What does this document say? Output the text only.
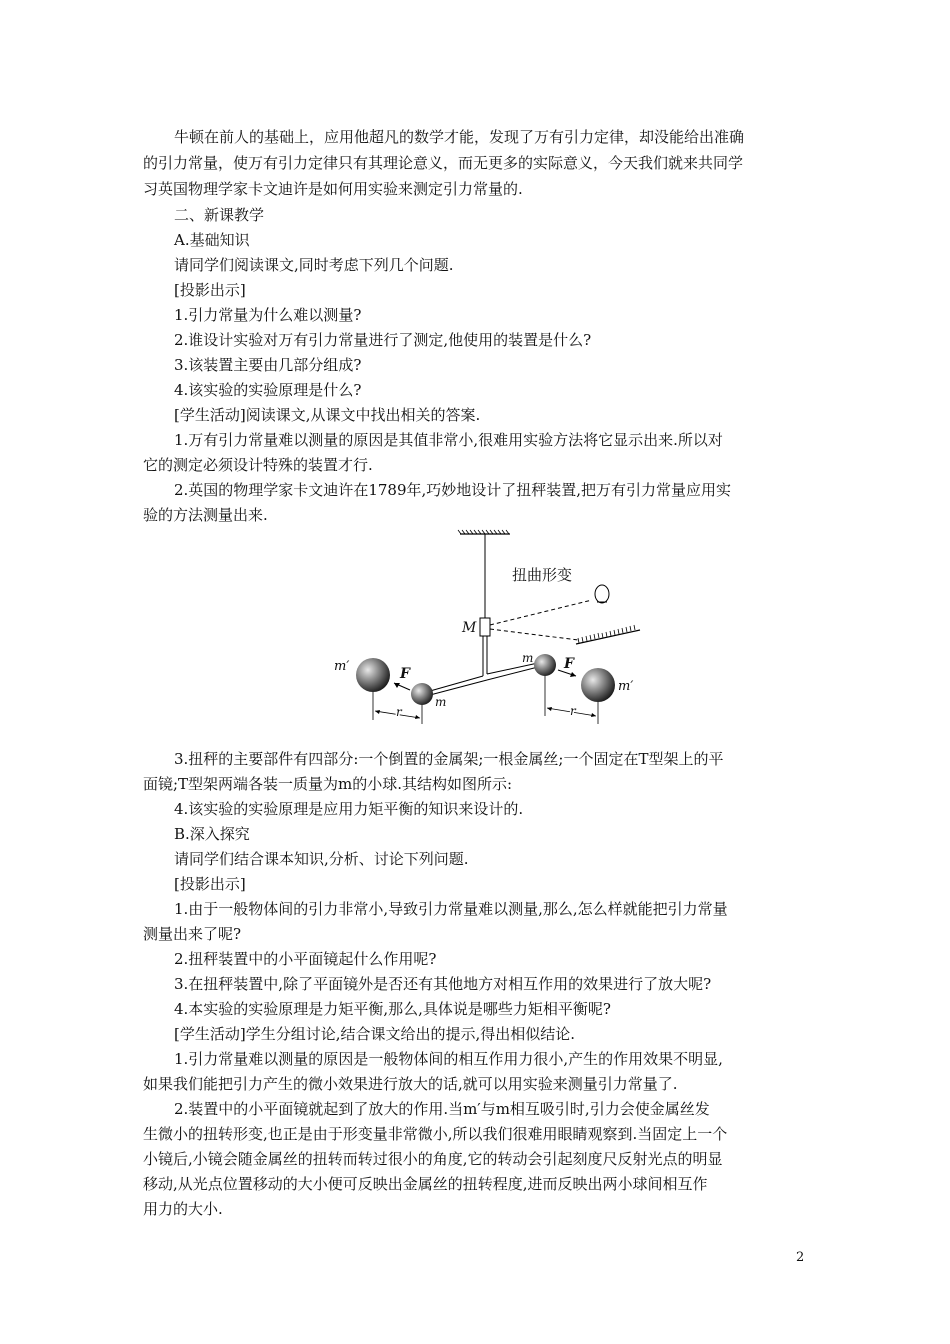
牛顿在前人的基础上，应用他超凡的数学才能，发现了万有引力定律，却没能给出准确
的引力常量，使万有引力定律只有其理论意义，而无更多的实际意义，今天我们就来共同学
习英国物理学家卡文迪许是如何用实验来测定引力常量的.
二、新课教学
A.基础知识
请同学们阅读课文,同时考虑下列几个问题.
[投影出示]
1.引力常量为什么难以测量?
2.谁设计实验对万有引力常量进行了测定,他使用的装置是什么?
3.该装置主要由几部分组成?
4.该实验的实验原理是什么?
[学生活动]阅读课文,从课文中找出相关的答案.
1.万有引力常量难以测量的原因是其值非常小,很难用实验方法将它显示出来.所以对
它的测定必须设计特殊的装置才行.
2.英国的物理学家卡文迪许在1789年,巧妙地设计了扭秤装置,把万有引力常量应用实
验的方法测量出来.
扭曲形变
M
m′
m′
m
m
F
F
r	r
3.扭秤的主要部件有四部分:一个倒置的金属架;一根金属丝;一个固定在T型架上的平
面镜;T型架两端各装一质量为m的小球.其结构如图所示:
4.该实验的实验原理是应用力矩平衡的知识来设计的.
B.深入探究
请同学们结合课本知识,分析、讨论下列问题.
[投影出示]
1.由于一般物体间的引力非常小,导致引力常量难以测量,那么,怎么样就能把引力常量
测量出来了呢?
2.扭秤装置中的小平面镜起什么作用呢?
3.在扭秤装置中,除了平面镜外是否还有其他地方对相互作用的效果进行了放大呢?
4.本实验的实验原理是力矩平衡,那么,具体说是哪些力矩相平衡呢?
[学生活动]学生分组讨论,结合课文给出的提示,得出相似结论.
1.引力常量难以测量的原因是一般物体间的相互作用力很小,产生的作用效果不明显,
如果我们能把引力产生的微小效果进行放大的话,就可以用实验来测量引力常量了.
2.装置中的小平面镜就起到了放大的作用.当m′与m相互吸引时,引力会使金属丝发
生微小的扭转形变,也正是由于形变量非常微小,所以我们很难用眼睛观察到.当固定上一个
小镜后,小镜会随金属丝的扭转而转过很小的角度,它的转动会引起刻度尺反射光点的明显
移动,从光点位置移动的大小便可反映出金属丝的扭转程度,进而反映出两小球间相互作
用力的大小.
2
